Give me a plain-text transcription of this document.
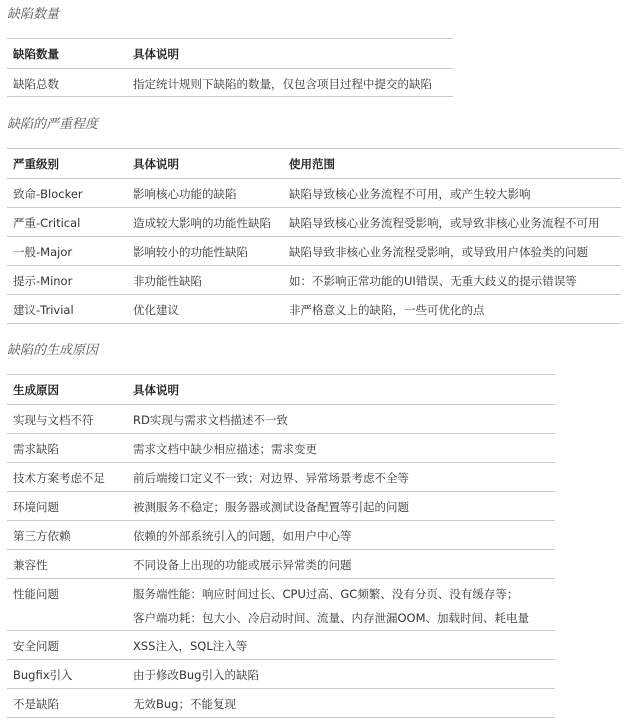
缺陷数量
缺陷数量	具体说明
缺陷总数	指定统计规则下缺陷的数量，仅包含项目过程中提交的缺陷
缺陷的严重程度
严重级别	具体说明	使用范围
致命-Blocker	影响核心功能的缺陷	缺陷导致核心业务流程不可用，或产生较大影响
严重-Critical	造成较大影响的功能性缺陷	缺陷导致核心业务流程受影响，或导致非核心业务流程不可用
一般-Major	影响较小的功能性缺陷	缺陷导致非核心业务流程受影响，或导致用户体验类的问题
提示-Minor	非功能性缺陷	如：不影响正常功能的UI错误、无重大歧义的提示错误等
建议-Trivial	优化建议	非严格意义上的缺陷，一些可优化的点
缺陷的生成原因
生成原因	具体说明
实现与文档不符	RD实现与需求文档描述不一致
需求缺陷	需求文档中缺少相应描述；需求变更
技术方案考虑不足	前后端接口定义不一致；对边界、异常场景考虑不全等
环境问题	被测服务不稳定；服务器或测试设备配置等引起的问题
第三方依赖	依赖的外部系统引入的问题，如用户中心等
兼容性	不同设备上出现的功能或展示异常类的问题
性能问题	服务端性能：响应时间过长、CPU过高、GC频繁、没有分页、没有缓存等；
客户端功耗：包大小、冷启动时间、流量、内存泄漏OOM、加载时间、耗电量

安全问题	XSS注入，SQL注入等
Bugfix引入	由于修改Bug引入的缺陷
不是缺陷	无效Bug；不能复现
